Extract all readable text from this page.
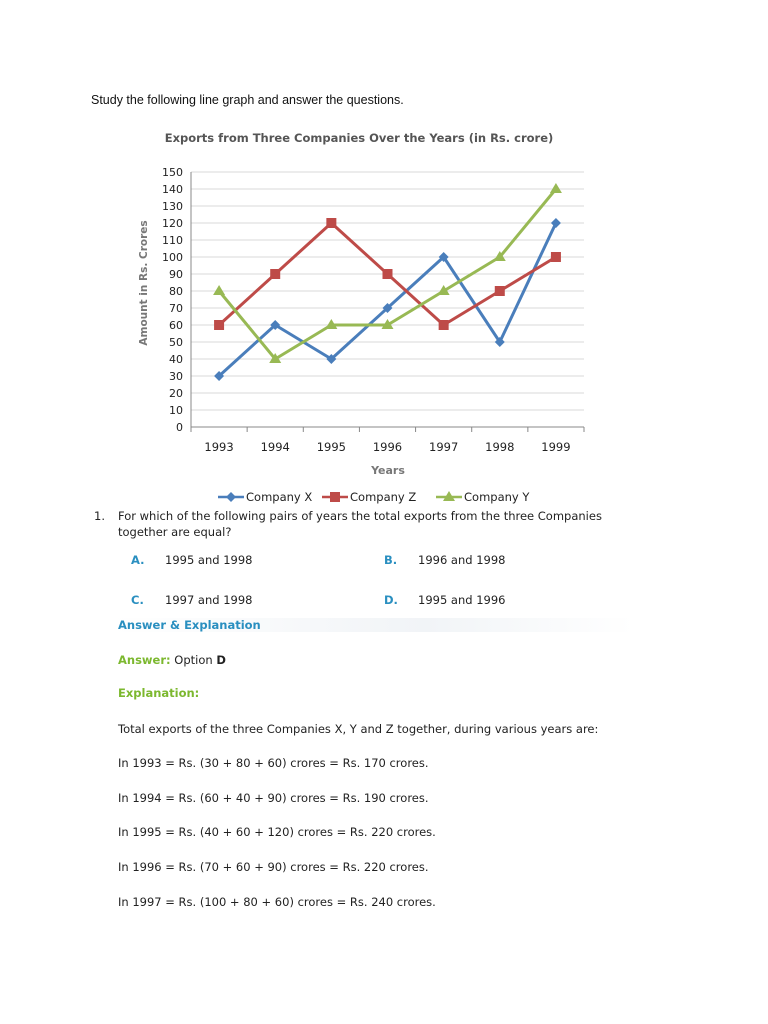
Study the following line graph and answer the questions.
Exports from Three Companies Over the Years (in Rs. crore)
Amount in Rs. Crores
Years
0
10
20
30
40
50
60
70
80
90
100
110
120
130
140
150
1993 1994 1995 1996 1997 1998 1999
Company X	Company Z	Company Y
1. For which of the following pairs of years the total exports from the three Companies together are equal?
A. 1995 and 1998	B. 1996 and 1998
C. 1997 and 1998	D. 1995 and 1996
Answer & Explanation
Answer: Option D
Explanation:
Total exports of the three Companies X, Y and Z together, during various years are:
In 1993 = Rs. (30 + 80 + 60) crores = Rs. 170 crores.
In 1994 = Rs. (60 + 40 + 90) crores = Rs. 190 crores.
In 1995 = Rs. (40 + 60 + 120) crores = Rs. 220 crores.
In 1996 = Rs. (70 + 60 + 90) crores = Rs. 220 crores.
In 1997 = Rs. (100 + 80 + 60) crores = Rs. 240 crores.
